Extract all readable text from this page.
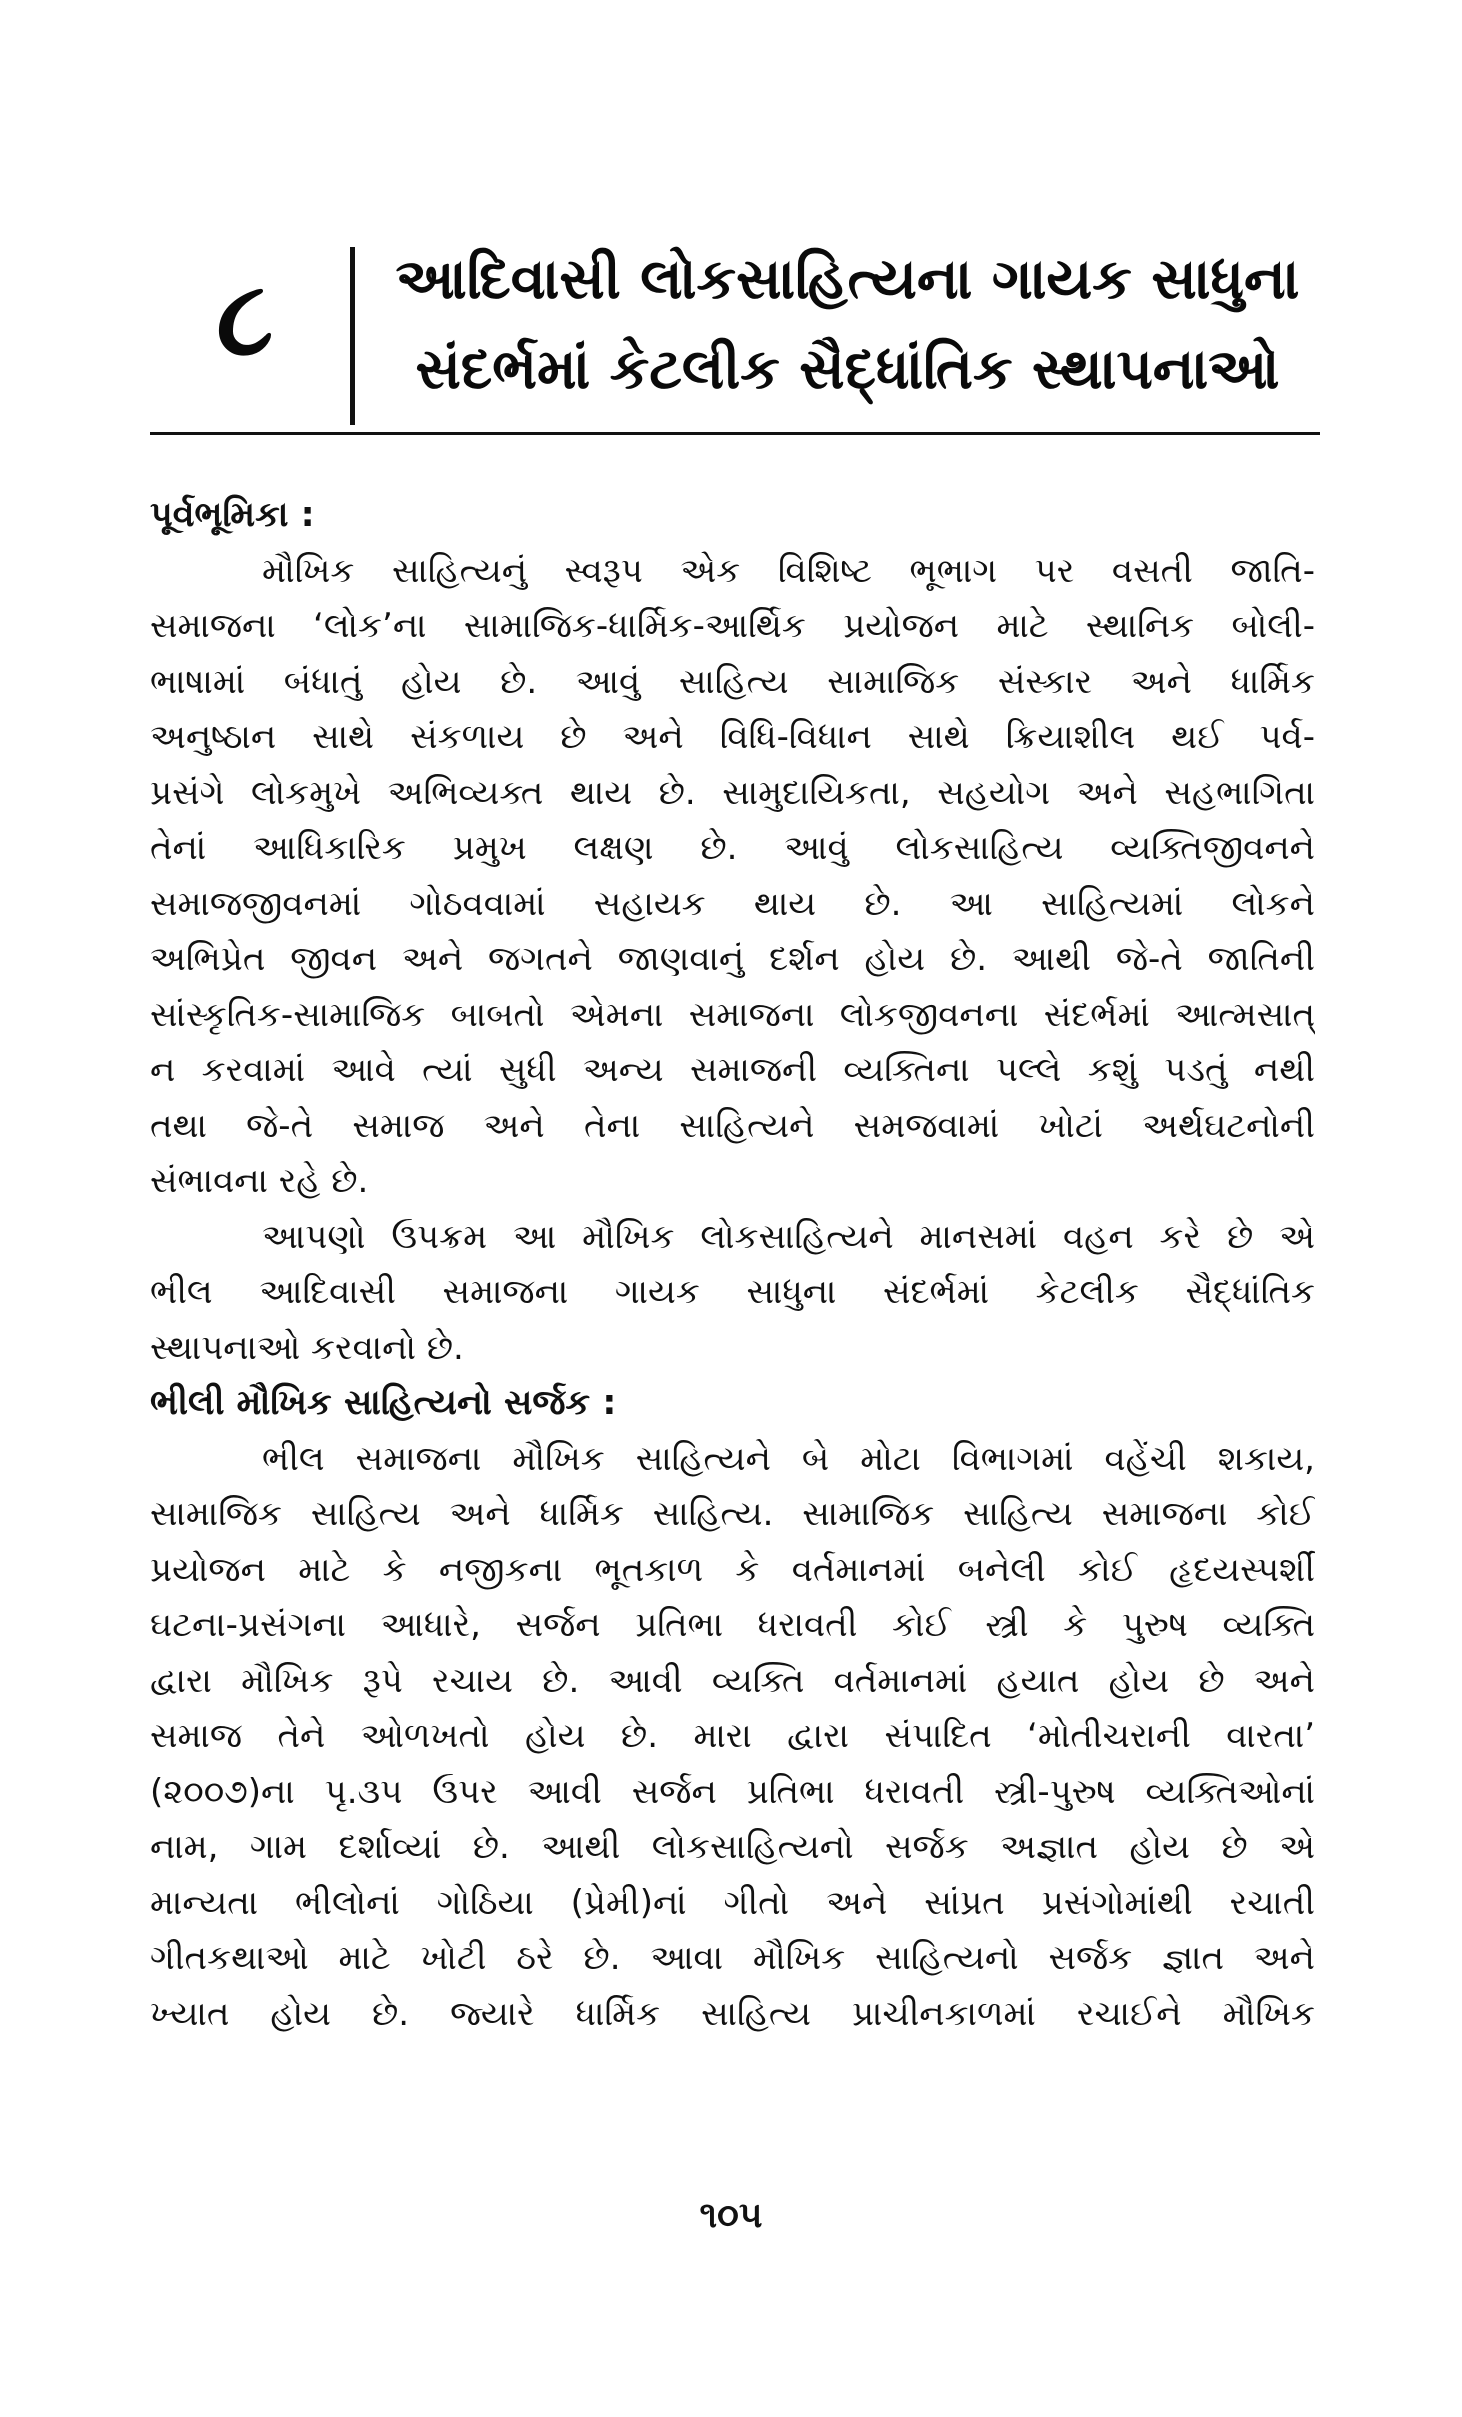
૮	આદિવાસી લોકસાહિત્યના ગાયક સાધુના
સંદર્ભમાં કેટલીક સૈદ્ધાંતિક સ્થાપનાઓ
પૂર્વભૂમિકા :
મૌખિક સાહિત્યનું સ્વરૂપ એક વિશિષ્ટ ભૂભાગ પર વસતી જાતિ-
સમાજના ‘લોક’ના સામાજિક-ધાર્મિક-આર્થિક પ્રયોજન માટે સ્થાનિક બોલી-
ભાષામાં બંધાતું હોય છે. આવું સાહિત્ય સામાજિક સંસ્કાર અને ધાર્મિક
અનુષ્ઠાન સાથે સંકળાય છે અને વિધિ-વિધાન સાથે ક્રિયાશીલ થઈ પર્વ-
પ્રસંગે લોકમુખે અભિવ્યક્ત થાય છે. સામુદાયિકતા, સહયોગ અને સહભાગિતા
તેનાં આધિકારિક પ્રમુખ લક્ષણ છે. આવું લોકસાહિત્ય વ્યક્તિજીવનને
સમાજજીવનમાં ગોઠવવામાં સહાયક થાય છે. આ સાહિત્યમાં લોકને
અભિપ્રેત જીવન અને જગતને જાણવાનું દર્શન હોય છે. આથી જે-તે જાતિની
સાંસ્કૃતિક-સામાજિક બાબતો એમના સમાજના લોકજીવનના સંદર્ભમાં આત્મસાત્
ન કરવામાં આવે ત્યાં સુધી અન્ય સમાજની વ્યક્તિના પલ્લે કશું પડતું નથી
તથા જે-તે સમાજ અને તેના સાહિત્યને સમજવામાં ખોટાં અર્થઘટનોની
સંભાવના રહે છે.
આપણો ઉપક્રમ આ મૌખિક લોકસાહિત્યને માનસમાં વહન કરે છે એ
ભીલ આદિવાસી સમાજના ગાયક સાધુના સંદર્ભમાં કેટલીક સૈદ્ધાંતિક
સ્થાપનાઓ કરવાનો છે.
ભીલી મૌખિક સાહિત્યનો સર્જક :
ભીલ સમાજના મૌખિક સાહિત્યને બે મોટા વિભાગમાં વહેંચી શકાય,
સામાજિક સાહિત્ય અને ધાર્મિક સાહિત્ય. સામાજિક સાહિત્ય સમાજના કોઈ
પ્રયોજન માટે કે નજીકના ભૂતકાળ કે વર્તમાનમાં બનેલી કોઈ હૃદયસ્પર્શી
ઘટના-પ્રસંગના આધારે, સર્જન પ્રતિભા ધરાવતી કોઈ સ્ત્રી કે પુરુષ વ્યક્તિ
દ્વારા મૌખિક રૂપે રચાય છે. આવી વ્યક્તિ વર્તમાનમાં હયાત હોય છે અને
સમાજ તેને ઓળખતો હોય છે. મારા દ્વારા સંપાદિત ‘મોતીચરાની વારતા’
(૨૦૦૭)ના પૃ.૩૫ ઉપર આવી સર્જન પ્રતિભા ધરાવતી સ્ત્રી-પુરુષ વ્યક્તિઓનાં
નામ, ગામ દર્શાવ્યાં છે. આથી લોકસાહિત્યનો સર્જક અજ્ઞાત હોય છે એ
માન્યતા ભીલોનાં ગોઠિયા (પ્રેમી)નાં ગીતો અને સાંપ્રત પ્રસંગોમાંથી રચાતી
ગીતકથાઓ માટે ખોટી ઠરે છે. આવા મૌખિક સાહિત્યનો સર્જક જ્ઞાત અને
ખ્યાત હોય છે. જ્યારે ધાર્મિક સાહિત્ય પ્રાચીનકાળમાં રચાઈને મૌખિક
૧૦૫
